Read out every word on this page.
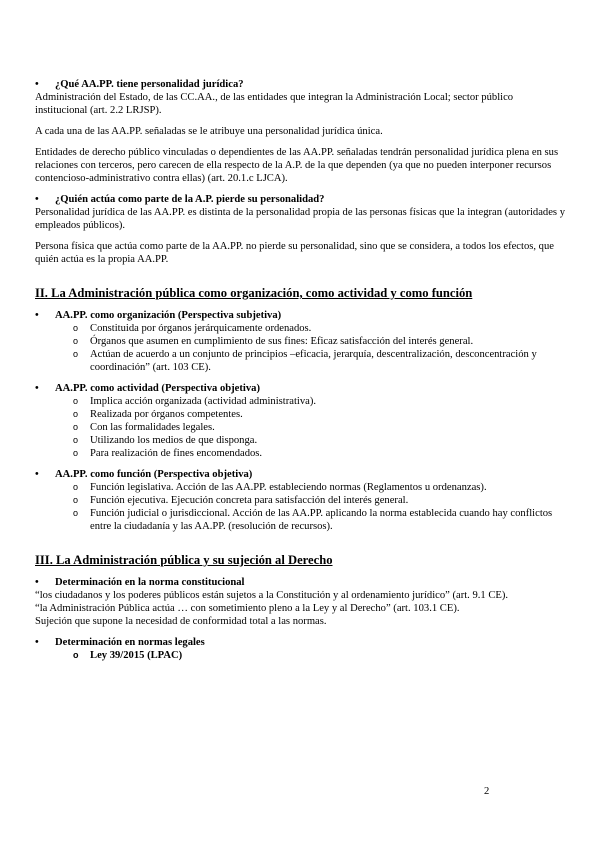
• ¿Qué AA.PP. tiene personalidad jurídica?

Administración del Estado, de las CC.AA., de las entidades que integran la Administración Local; sector público institucional (art. 2.2 LRJSP).

A cada una de las AA.PP. señaladas se le atribuye una personalidad jurídica única.

Entidades de derecho público vinculadas o dependientes de las AA.PP. señaladas tendrán personalidad jurídica plena en sus relaciones con terceros, pero carecen de ella respecto de la A.P. de la que dependen (ya que no pueden interponer recursos contencioso-administrativo contra ellas) (art. 20.1.c LJCA).

• ¿Quién actúa como parte de la A.P. pierde su personalidad?

Personalidad jurídica de las AA.PP. es distinta de la personalidad propia de las personas físicas que la integran (autoridades y empleados públicos).

Persona física que actúa como parte de la AA.PP. no pierde su personalidad, sino que se considera, a todos los efectos, que quién actúa es la propia AA.PP.

II. La Administración pública como organización, como actividad y como función

• AA.PP. como organización (Perspectiva subjetiva)

o Constituida por órganos jerárquicamente ordenados.

o Órganos que asumen en cumplimiento de sus fines: Eficaz satisfacción del interés general.

o Actúan de acuerdo a un conjunto de principios –eficacia, jerarquía, descentralización, desconcentración y coordinación” (art. 103 CE).

• AA.PP. como actividad (Perspectiva objetiva)

o Implica acción organizada (actividad administrativa).

o Realizada por órganos competentes.

o Con las formalidades legales.

o Utilizando los medios de que disponga.

o Para realización de fines encomendados.

• AA.PP. como función (Perspectiva objetiva)

o Función legislativa. Acción de las AA.PP. estableciendo normas (Reglamentos u ordenanzas).

o Función ejecutiva. Ejecución concreta para satisfacción del interés general.

o Función judicial o jurisdiccional. Acción de las AA.PP. aplicando la norma establecida cuando hay conflictos entre la ciudadanía y las AA.PP. (resolución de recursos).

III. La Administración pública y su sujeción al Derecho

• Determinación en la norma constitucional

“los ciudadanos y los poderes públicos están sujetos a la Constitución y al ordenamiento jurídico” (art. 9.1 CE).

“la Administración Pública actúa … con sometimiento pleno a la Ley y al Derecho” (art. 103.1 CE).

Sujeción que supone la necesidad de conformidad total a las normas.

• Determinación en normas legales

o Ley 39/2015 (LPAC)

2
